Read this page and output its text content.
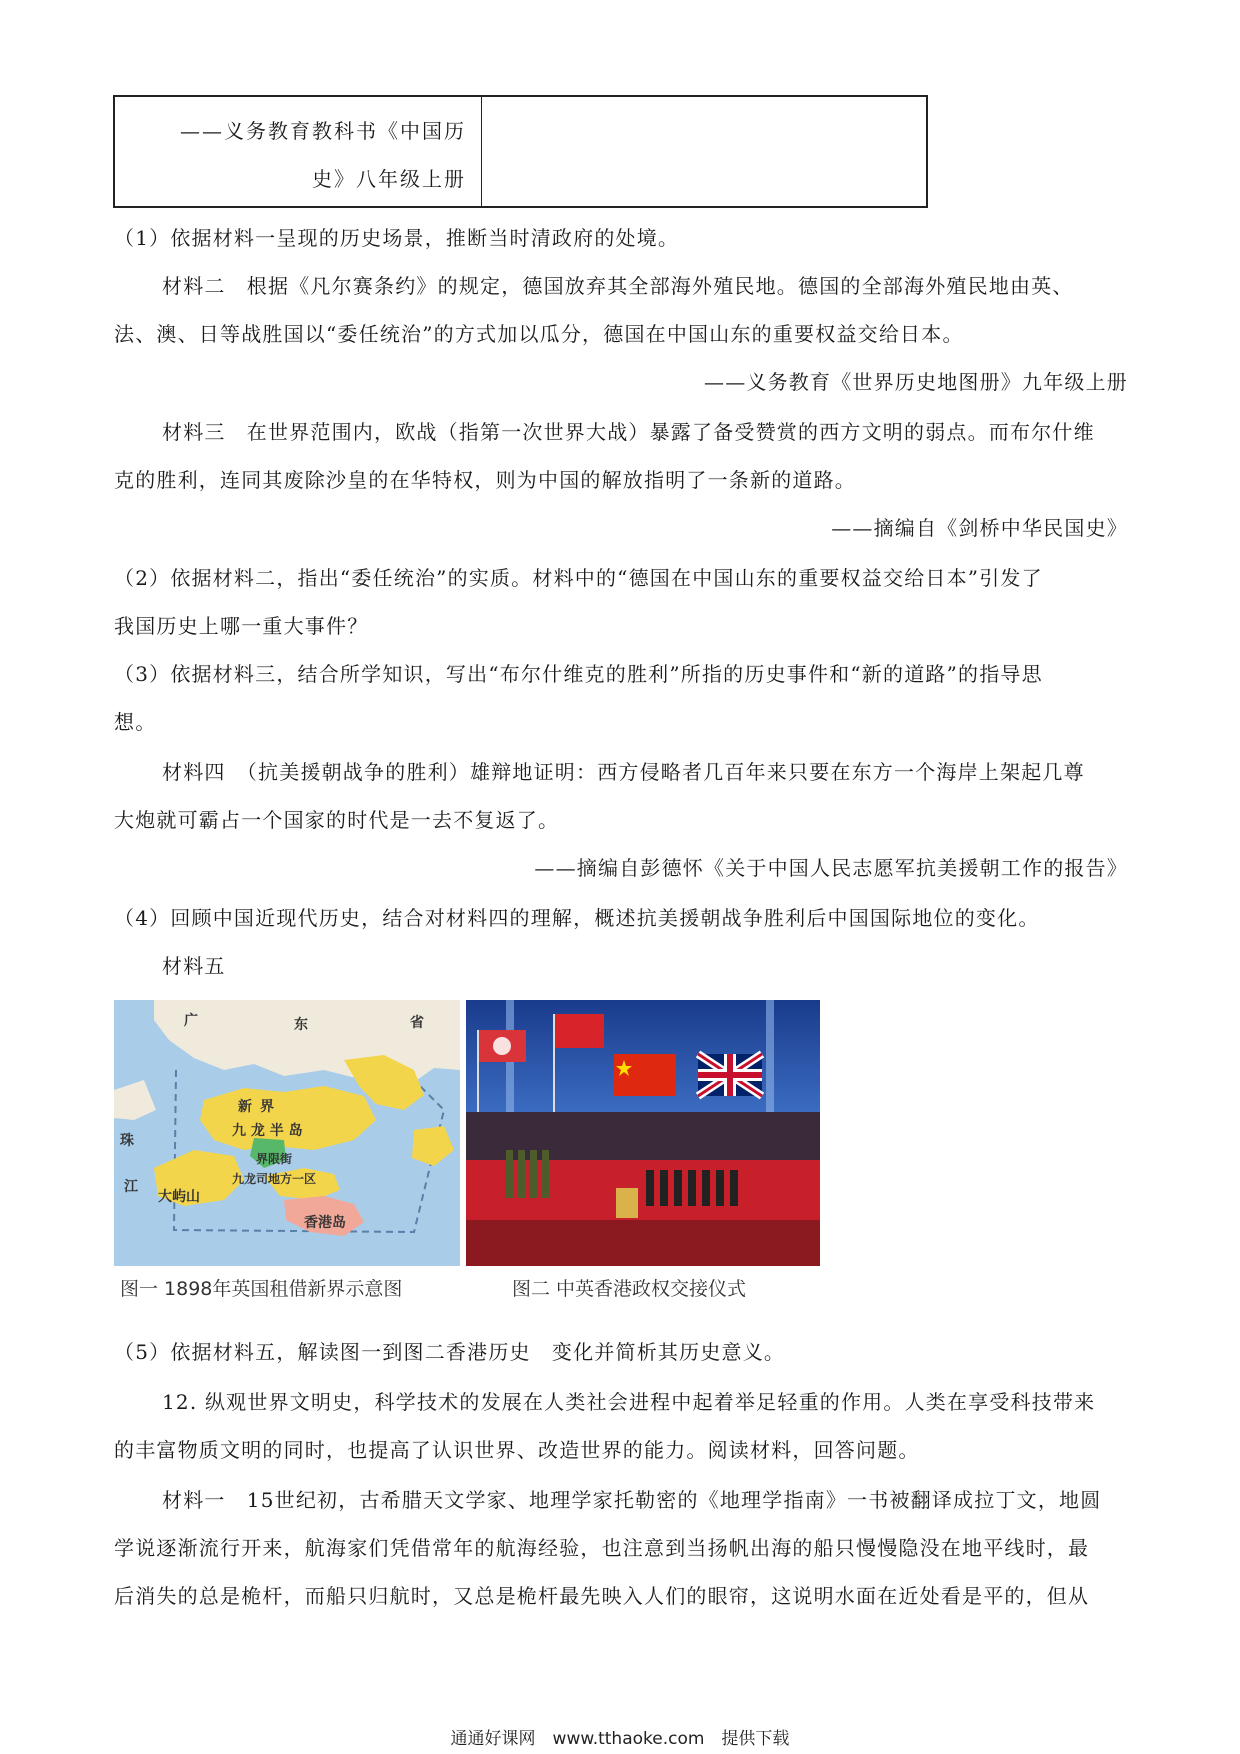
——义务教育教科书《中国历
史》八年级上册
（1）依据材料一呈现的历史场景，推断当时清政府的处境。
材料二　根据《凡尔赛条约》的规定，德国放弃其全部海外殖民地。德国的全部海外殖民地由英、
法、澳、日等战胜国以“委任统治”的方式加以瓜分，德国在中国山东的重要权益交给日本。
——义务教育《世界历史地图册》九年级上册
材料三　在世界范围内，欧战（指第一次世界大战）暴露了备受赞赏的西方文明的弱点。而布尔什维
克的胜利，连同其废除沙皇的在华特权，则为中国的解放指明了一条新的道路。
——摘编自《剑桥中华民国史》
（2）依据材料二，指出“委任统治”的实质。材料中的“德国在中国山东的重要权益交给日本”引发了
我国历史上哪一重大事件？
（3）依据材料三，结合所学知识，写出“布尔什维克的胜利”所指的历史事件和“新的道路”的指导思
想。
材料四　（抗美援朝战争的胜利）雄辩地证明：西方侵略者几百年来只要在东方一个海岸上架起几尊
大炮就可霸占一个国家的时代是一去不复返了。
——摘编自彭德怀《关于中国人民志愿军抗美援朝工作的报告》
（4）回顾中国近现代历史，结合对材料四的理解，概述抗美援朝战争胜利后中国国际地位的变化。
材料五
广	东	省
新 界
九 龙 半 岛
界限街
九龙司地方一区
大屿山
香港岛
珠
江
图一 1898年英国租借新界示意图	图二 中英香港政权交接仪式
（5）依据材料五，解读图一到图二香港历史　变化并简析其历史意义。
12. 纵观世界文明史，科学技术的发展在人类社会进程中起着举足轻重的作用。人类在享受科技带来
的丰富物质文明的同时，也提高了认识世界、改造世界的能力。阅读材料，回答问题。
材料一　15世纪初，古希腊天文学家、地理学家托勒密的《地理学指南》一书被翻译成拉丁文，地圆
学说逐渐流行开来，航海家们凭借常年的航海经验，也注意到当扬帆出海的船只慢慢隐没在地平线时，最
后消失的总是桅杆，而船只归航时，又总是桅杆最先映入人们的眼帘，这说明水面在近处看是平的，但从
通通好课网　www.tthaoke.com　提供下载
